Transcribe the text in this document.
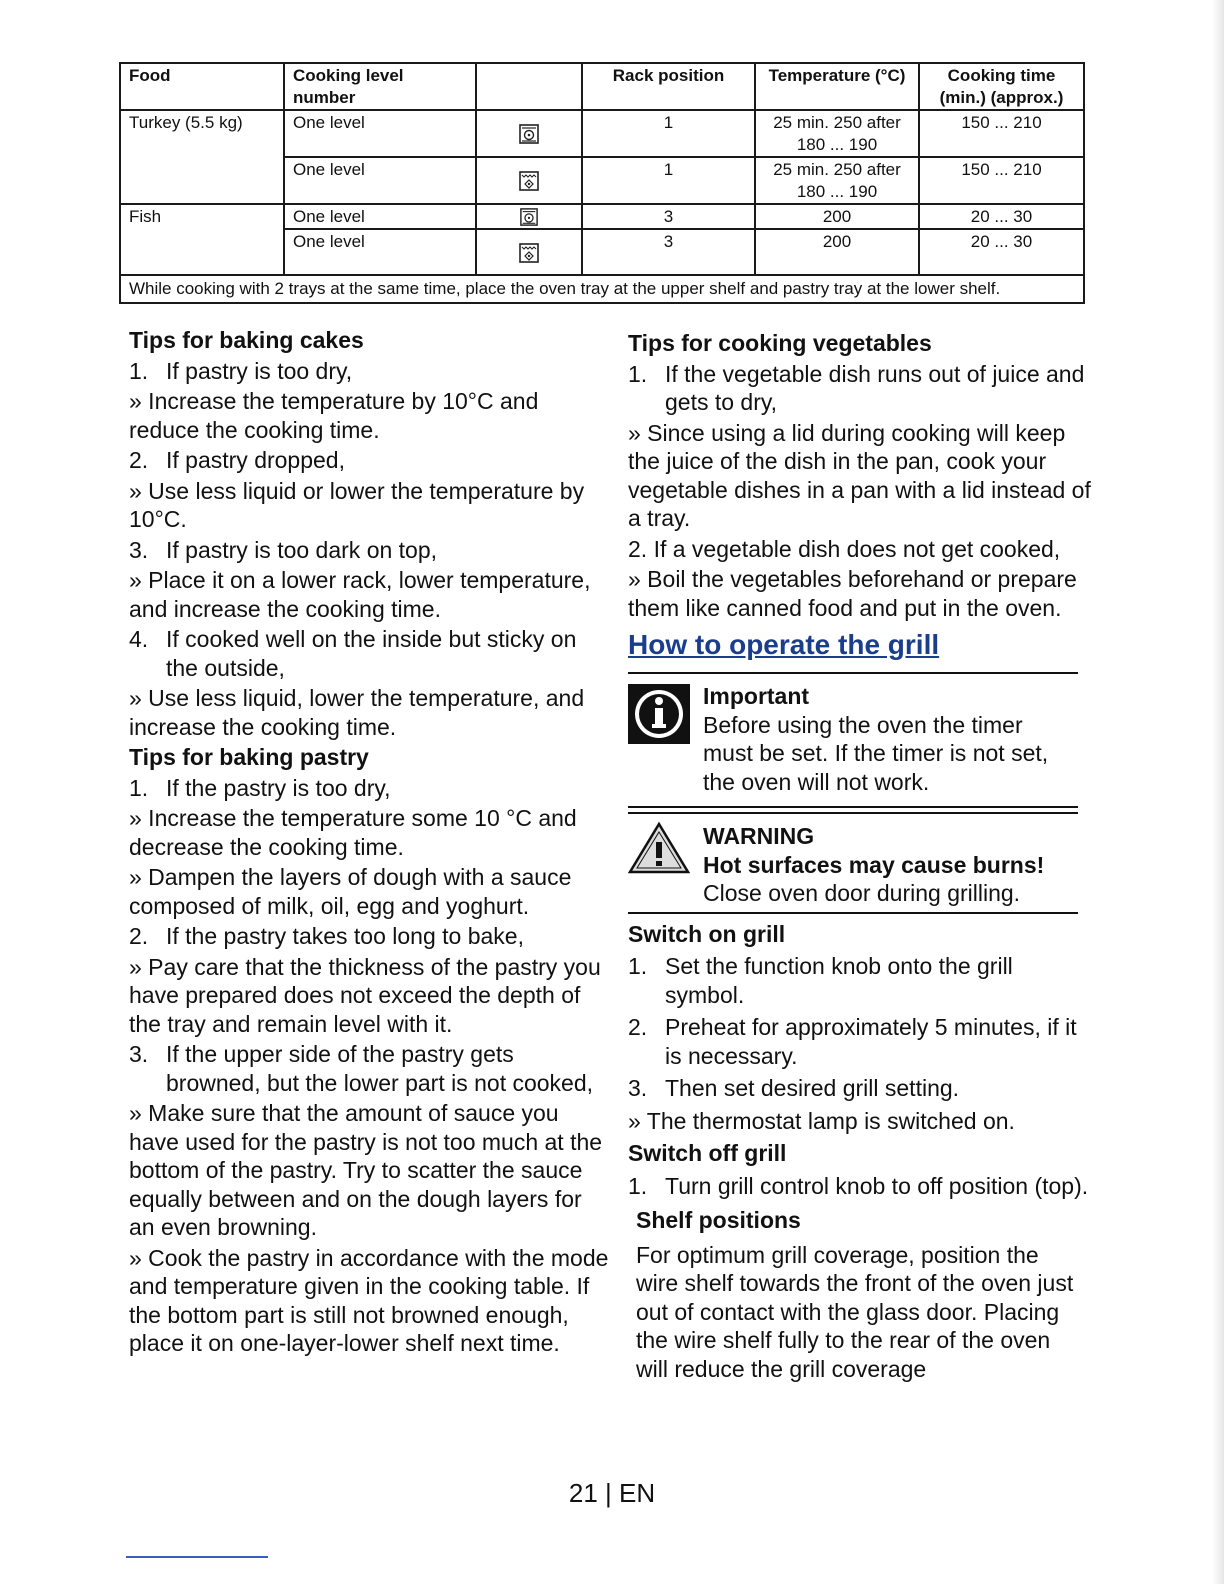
Food	Cooking level number		Rack position	Temperature (°C)	Cooking time (min.) (approx.)
Turkey (5.5 kg)	One level		1	25 min. 250 after 180 ... 190	150 ... 210
	One level		1	25 min. 250 after 180 ... 190	150 ... 210
Fish	One level		3	200	20 ... 30
	One level		3	200	20 ... 30
While cooking with 2 trays at the same time, place the oven tray at the upper shelf and pastry tray at the lower shelf.					
Tips for baking cakes
1. If pastry is too dry,
» Increase the temperature by 10°C and reduce the cooking time.
2. If pastry dropped,
» Use less liquid or lower the temperature by 10°C.
3. If pastry is too dark on top,
» Place it on a lower rack, lower temperature, and increase the cooking time.
4. If cooked well on the inside but sticky on the outside,
» Use less liquid, lower the temperature, and increase the cooking time.
Tips for baking pastry
1. If the pastry is too dry,
» Increase the temperature some 10 °C and decrease the cooking time.
» Dampen the layers of dough with a sauce composed of milk, oil, egg and yoghurt.
2. If the pastry takes too long to bake,
» Pay care that the thickness of the pastry you have prepared does not exceed the depth of the tray and remain level with it.
3. If the upper side of the pastry gets browned, but the lower part is not cooked,
» Make sure that the amount of sauce you have used for the pastry is not too much at the bottom of the pastry. Try to scatter the sauce equally between and on the dough layers for an even browning.
» Cook the pastry in accordance with the mode and temperature given in the cooking table. If the bottom part is still not browned enough, place it on one-layer-lower shelf next time.
Tips for cooking vegetables
1. If the vegetable dish runs out of juice and gets to dry,
» Since using a lid during cooking will keep the juice of the dish in the pan, cook your vegetable dishes in a pan with a lid instead of a tray.
2. If a vegetable dish does not get cooked,
» Boil the vegetables beforehand or prepare them like canned food and put in the oven.
How to operate the grill
Important
Before using the oven the timer must be set. If the timer is not set, the oven will not work.
WARNING
Hot surfaces may cause burns!
Close oven door during grilling.
Switch on grill
1. Set the function knob onto the grill symbol.
2. Preheat for approximately 5 minutes, if it is necessary.
3. Then set desired grill setting.
» The thermostat lamp is switched on.
Switch off grill
1. Turn grill control knob to off position (top).
Shelf positions
For optimum grill coverage, position the wire shelf towards the front of the oven just out of contact with the glass door. Placing the wire shelf fully to the rear of the oven will reduce the grill coverage
21 | EN
